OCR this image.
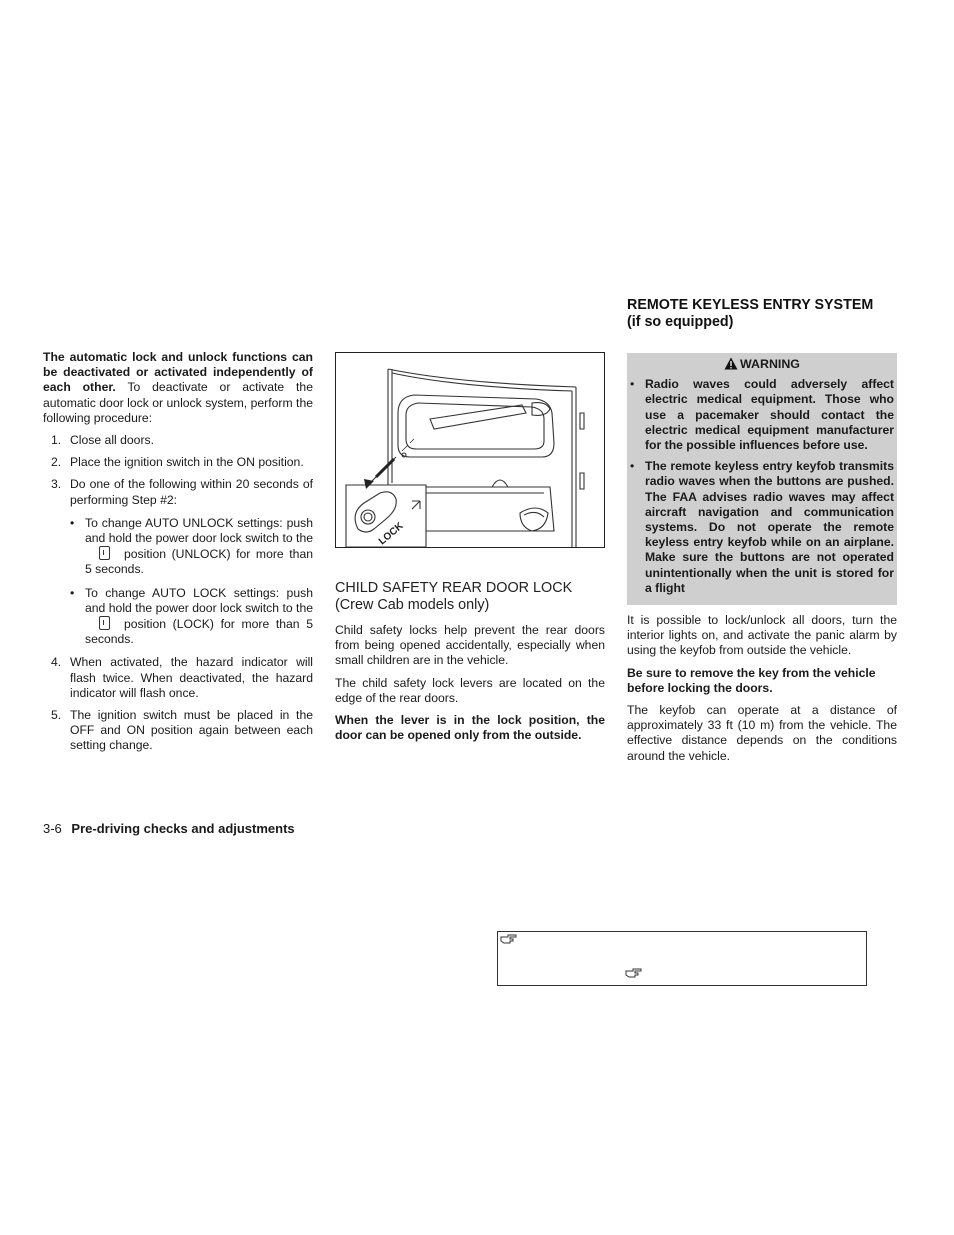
The automatic lock and unlock functions can be deactivated or activated independently of each other. To deactivate or activate the automatic door lock or unlock system, perform the following procedure:

1. Close all doors.
2. Place the ignition switch in the ON position.
3. Do one of the following within 20 seconds of performing Step #2:
• To change AUTO UNLOCK settings: push and hold the power door lock switch to theposition (UNLOCK) for more than 5 seconds.
• To change AUTO LOCK settings: push and hold the power door lock switch to theposition (LOCK) for more than 5 seconds.
4. When activated, the hazard indicator will flash twice. When deactivated, the hazard indicator will flash once.
5. The ignition switch must be placed in the OFF and ON position again between each setting change.
LOCK
CHILD SAFETY REAR DOOR LOCK
(Crew Cab models only)

Child safety locks help prevent the rear doors from being opened accidentally, especially when small children are in the vehicle.

The child safety lock levers are located on the edge of the rear doors.

When the lever is in the lock position, the door can be opened only from the outside.

REMOTE KEYLESS ENTRY SYSTEM
(if so equipped)
WARNING
• Radio waves could adversely affect electric medical equipment. Those who use a pacemaker should contact the electric medical equipment manufacturer for the possible influences before use.
• The remote keyless entry keyfob transmits radio waves when the buttons are pushed. The FAA advises radio waves may affect aircraft navigation and communication systems. Do not operate the remote keyless entry keyfob while on an airplane. Make sure the buttons are not operated unintentionally when the unit is stored for a flight

It is possible to lock/unlock all doors, turn the interior lights on, and activate the panic alarm by using the keyfob from outside the vehicle.

Be sure to remove the key from the vehicle before locking the doors.

The keyfob can operate at a distance of approximately 33 ft (10 m) from the vehicle. The effective distance depends on the conditions around the vehicle.

3-6 Pre-driving checks and adjustments
